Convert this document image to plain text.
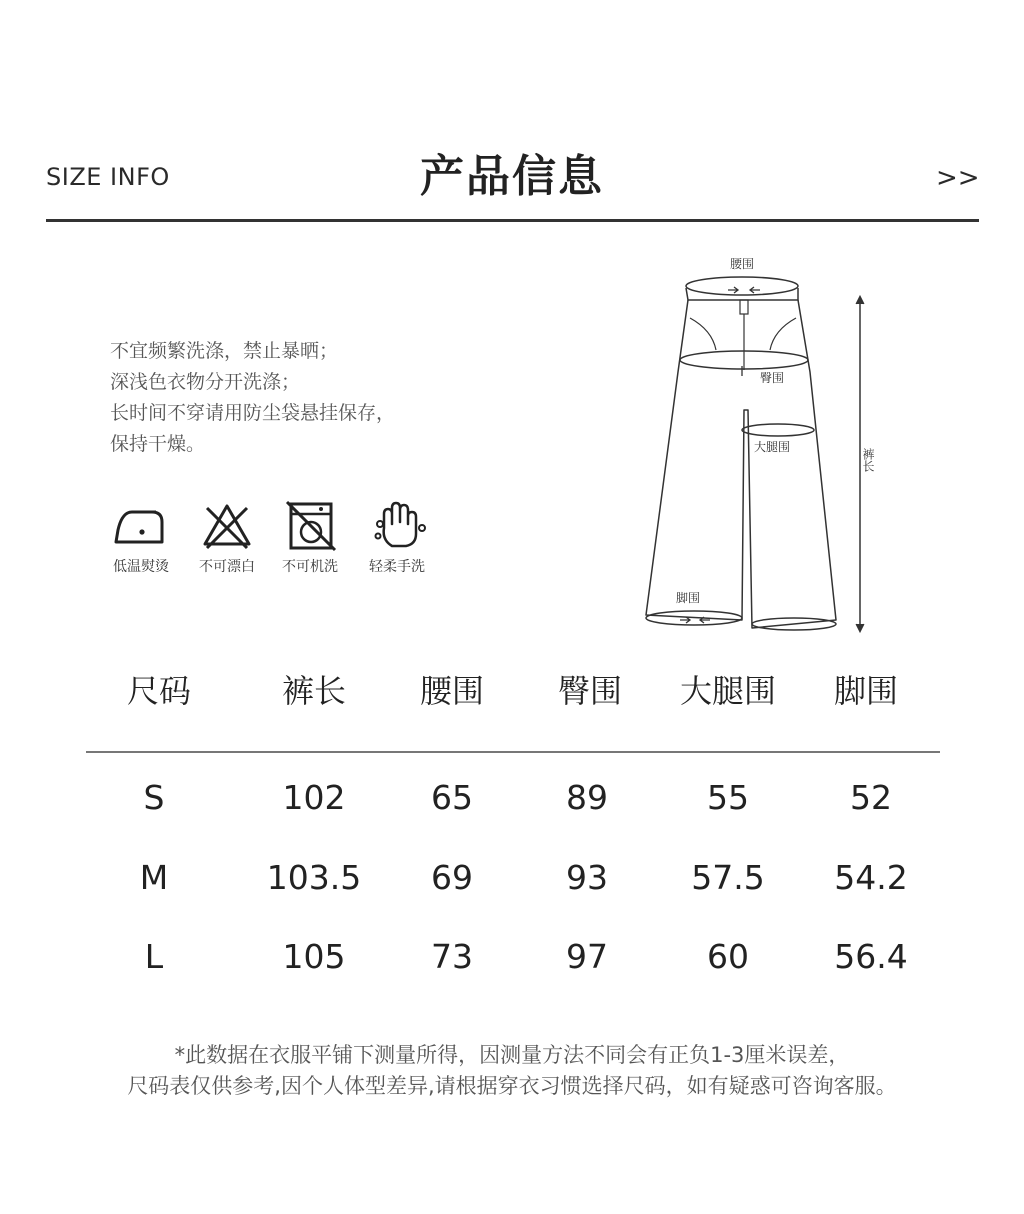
SIZE INFO	产品信息	>>
不宜频繁洗涤，禁止暴晒；
深浅色衣物分开洗涤；
长时间不穿请用防尘袋悬挂保存，
保持干燥。
低温熨烫	不可漂白	不可机洗	轻柔手洗
腰围
臀围
大腿围
脚围
裤长
尺码	裤长	腰围	臀围	大腿围	脚围
S	102	65	89	55	52
M	103.5	69	93	57.5	54.2
L	105	73	97	60	56.4
*此数据在衣服平铺下测量所得，因测量方法不同会有正负1-3厘米误差，
尺码表仅供参考,因个人体型差异,请根据穿衣习惯选择尺码，如有疑惑可咨询客服。
